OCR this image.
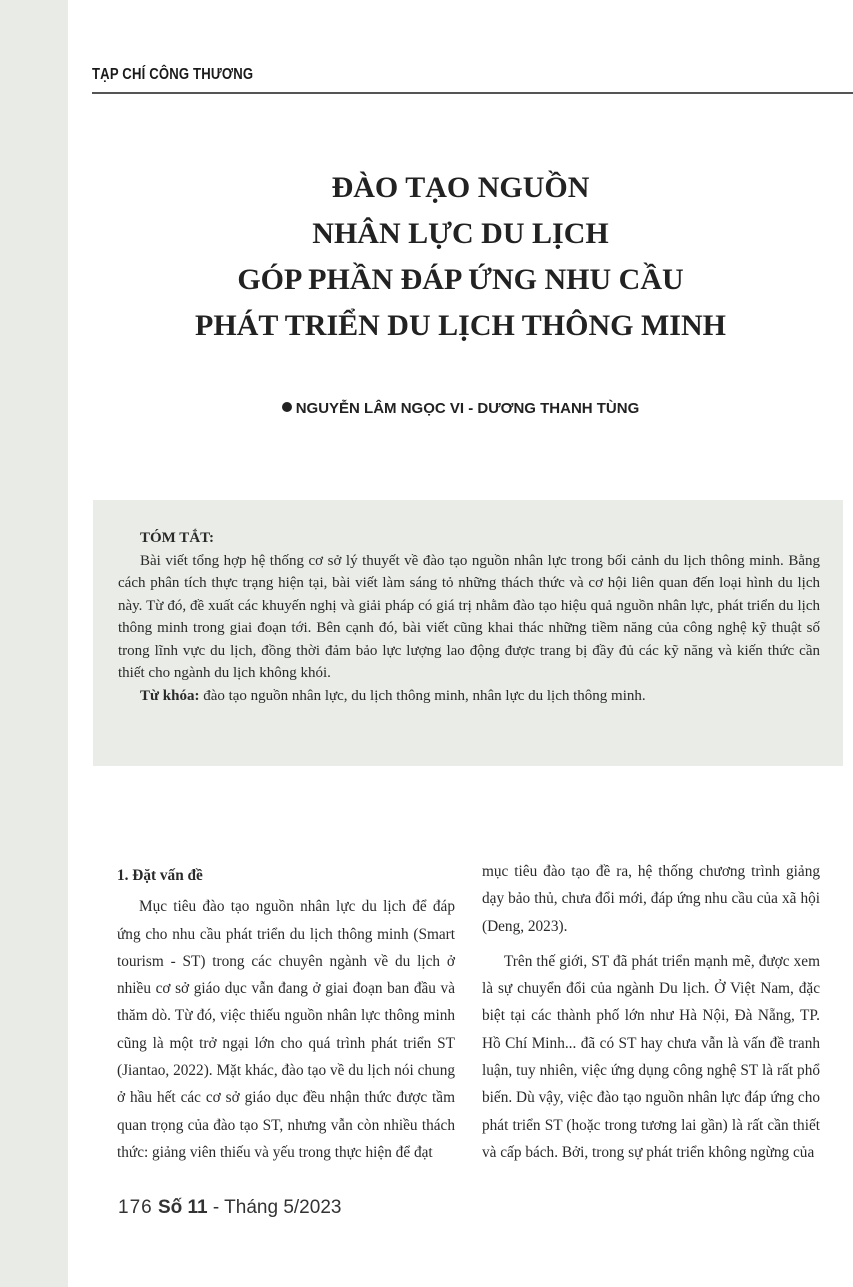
TẠP CHÍ CÔNG THƯƠNG
ĐÀO TẠO NGUỒN
NHÂN LỰC DU LỊCH
GÓP PHẦN ĐÁP ỨNG NHU CẦU
PHÁT TRIỂN DU LỊCH THÔNG MINH
NGUYỄN LÂM NGỌC VI - DƯƠNG THANH TÙNG
TÓM TẮT:

Bài viết tổng hợp hệ thống cơ sở lý thuyết về đào tạo nguồn nhân lực trong bối cảnh du lịch thông minh. Bằng cách phân tích thực trạng hiện tại, bài viết làm sáng tỏ những thách thức và cơ hội liên quan đến loại hình du lịch này. Từ đó, đề xuất các khuyến nghị và giải pháp có giá trị nhằm đào tạo hiệu quả nguồn nhân lực, phát triển du lịch thông minh trong giai đoạn tới. Bên cạnh đó, bài viết cũng khai thác những tiềm năng của công nghệ kỹ thuật số trong lĩnh vực du lịch, đồng thời đảm bảo lực lượng lao động được trang bị đầy đủ các kỹ năng và kiến thức cần thiết cho ngành du lịch không khói.

Từ khóa: đào tạo nguồn nhân lực, du lịch thông minh, nhân lực du lịch thông minh.

1. Đặt vấn đề

Mục tiêu đào tạo nguồn nhân lực du lịch để đáp ứng cho nhu cầu phát triển du lịch thông minh (Smart tourism - ST) trong các chuyên ngành về du lịch ở nhiều cơ sở giáo dục vẫn đang ở giai đoạn ban đầu và thăm dò. Từ đó, việc thiếu nguồn nhân lực thông minh cũng là một trở ngại lớn cho quá trình phát triển ST (Jiantao, 2022). Mặt khác, đào tạo về du lịch nói chung ở hầu hết các cơ sở giáo dục đều nhận thức được tầm quan trọng của đào tạo ST, nhưng vẫn còn nhiều thách thức: giảng viên thiếu và yếu trong thực hiện để đạt

mục tiêu đào tạo đề ra, hệ thống chương trình giảng dạy bảo thủ, chưa đổi mới, đáp ứng nhu cầu của xã hội (Deng, 2023).

Trên thế giới, ST đã phát triển mạnh mẽ, được xem là sự chuyển đổi của ngành Du lịch. Ở Việt Nam, đặc biệt tại các thành phố lớn như Hà Nội, Đà Nẵng, TP. Hồ Chí Minh... đã có ST hay chưa vẫn là vấn đề tranh luận, tuy nhiên, việc ứng dụng công nghệ ST là rất phổ biến. Dù vậy, việc đào tạo nguồn nhân lực đáp ứng cho phát triển ST (hoặc trong tương lai gần) là rất cần thiết và cấp bách. Bởi, trong sự phát triển không ngừng của

176 Số 11 - Tháng 5/2023
